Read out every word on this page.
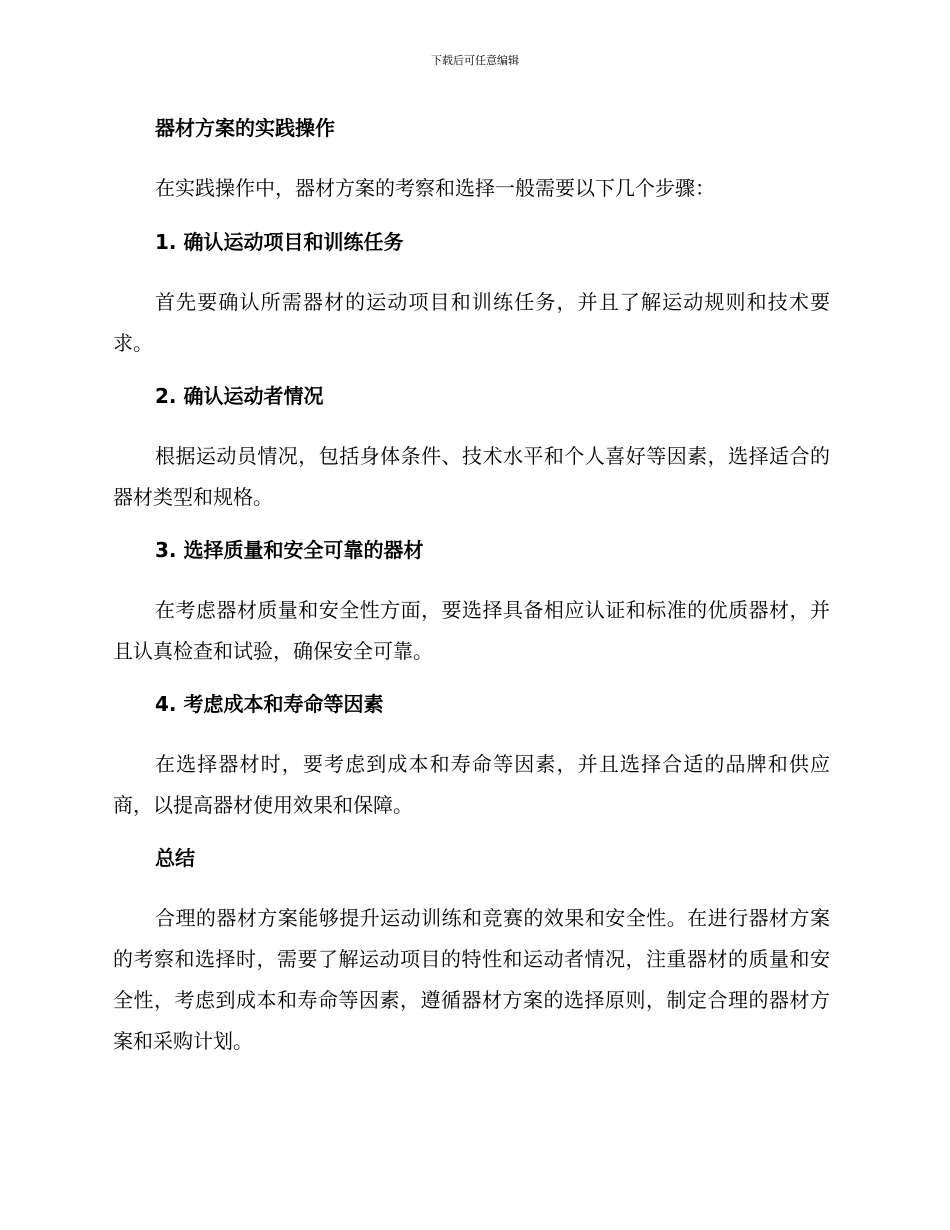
下载后可任意编辑
器材方案的实践操作

在实践操作中，器材方案的考察和选择一般需要以下几个步骤：

1. 确认运动项目和训练任务

首先要确认所需器材的运动项目和训练任务，并且了解运动规则和技术要求。

2. 确认运动者情况

根据运动员情况，包括身体条件、技术水平和个人喜好等因素，选择适合的器材类型和规格。

3. 选择质量和安全可靠的器材

在考虑器材质量和安全性方面，要选择具备相应认证和标准的优质器材，并且认真检查和试验，确保安全可靠。

4. 考虑成本和寿命等因素

在选择器材时，要考虑到成本和寿命等因素，并且选择合适的品牌和供应商，以提高器材使用效果和保障。

总结

合理的器材方案能够提升运动训练和竞赛的效果和安全性。在进行器材方案的考察和选择时，需要了解运动项目的特性和运动者情况，注重器材的质量和安全性，考虑到成本和寿命等因素，遵循器材方案的选择原则，制定合理的器材方案和采购计划。
